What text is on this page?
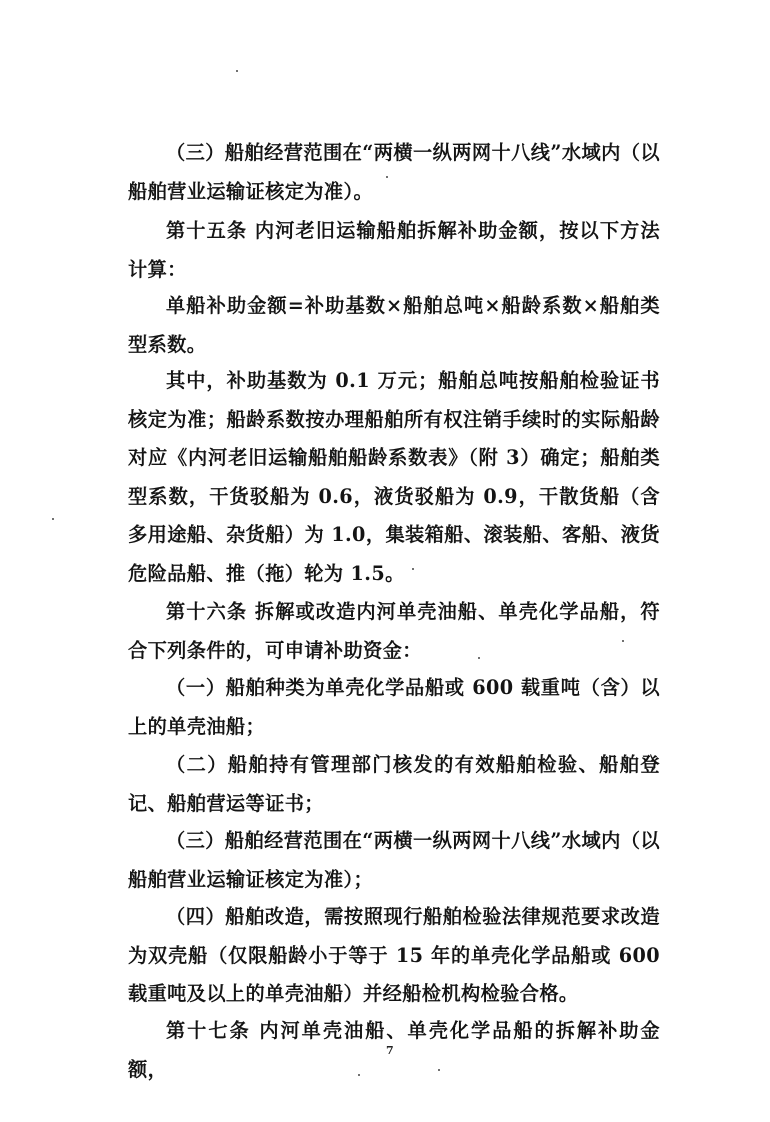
（三）船舶经营范围在“两横一纵两网十八线”水域内（以船舶营业运输证核定为准）。

第十五条 内河老旧运输船舶拆解补助金额，按以下方法计算：

单船补助金额=补助基数×船舶总吨×船龄系数×船舶类型系数。

其中，补助基数为 0.1 万元；船舶总吨按船舶检验证书核定为准；船龄系数按办理船舶所有权注销手续时的实际船龄对应《内河老旧运输船舶船龄系数表》（附 3）确定；船舶类型系数，干货驳船为 0.6，液货驳船为 0.9，干散货船（含多用途船、杂货船）为 1.0，集装箱船、滚装船、客船、液货危险品船、推（拖）轮为 1.5。

第十六条 拆解或改造内河单壳油船、单壳化学品船，符合下列条件的，可申请补助资金：

（一）船舶种类为单壳化学品船或 600 载重吨（含）以上的单壳油船；

（二）船舶持有管理部门核发的有效船舶检验、船舶登记、船舶营运等证书；

（三）船舶经营范围在“两横一纵两网十八线”水域内（以船舶营业运输证核定为准）；

（四）船舶改造，需按照现行船舶检验法律规范要求改造为双壳船（仅限船龄小于等于 15 年的单壳化学品船或 600 载重吨及以上的单壳油船）并经船检机构检验合格。

第十七条 内河单壳油船、单壳化学品船的拆解补助金额，

7
